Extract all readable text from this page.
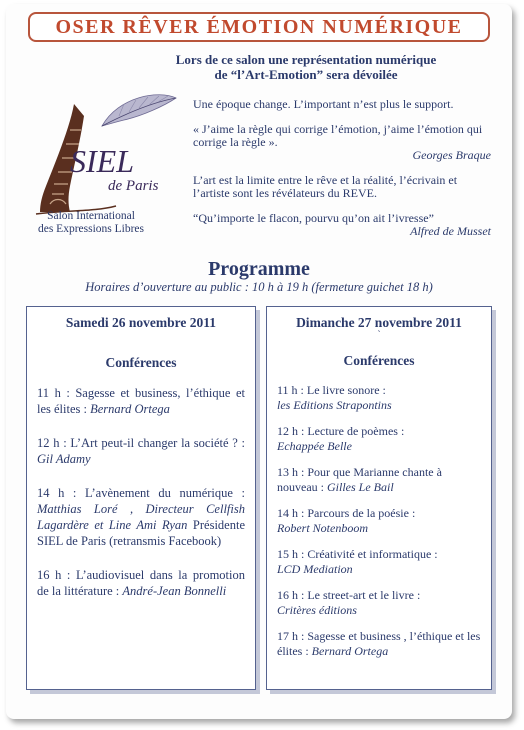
OSER RÊVER ÉMOTION NUMÉRIQUE
Lors de ce salon une représentation numérique
de “l’Art-Emotion” sera dévoilée
SIEL
de Paris
Salon International
des Expressions Libres

Une époque change. L’important n’est plus le support.

« J’aime la règle qui corrige l’émotion, j’aime l’émotion qui corrige la règle ».

Georges Braque

L’art est la limite entre le rêve et la réalité, l’écrivain et l’artiste sont les révélateurs du REVE.

“Qu’importe le flacon, pourvu qu’on ait l’ivresse”

Alfred de Musset

Programme
Horaires d’ouverture au public : 10 h à 19 h (fermeture guichet 18 h)
Samedi 26 novembre 2011
Conférences
11 h : Sagesse et business, l’éthique et les élites : Bernard Ortega
12 h : L’Art peut-il changer la société ? : Gil Adamy
14 h : L’avènement du numérique : Matthias Loré , Directeur Cellfish Lagardère et Line Ami Ryan Présidente SIEL de Paris (retransmis Facebook)
16 h : L’audiovisuel dans la promotion de la littérature : André-Jean Bonnelli
Dimanche 27 novembre 2011
`
Conférences
11 h : Le livre sonore :
les Editions Strapontins
12 h : Lecture de poèmes :
Echappée Belle
13 h : Pour que Marianne chante à nouveau : Gilles Le Bail
14 h : Parcours de la poésie :
Robert Notenboom
15 h : Créativité et informatique :
LCD Mediation
16 h : Le street-art et le livre :
Critères éditions
17 h : Sagesse et business , l’éthique et les élites : Bernard Ortega
